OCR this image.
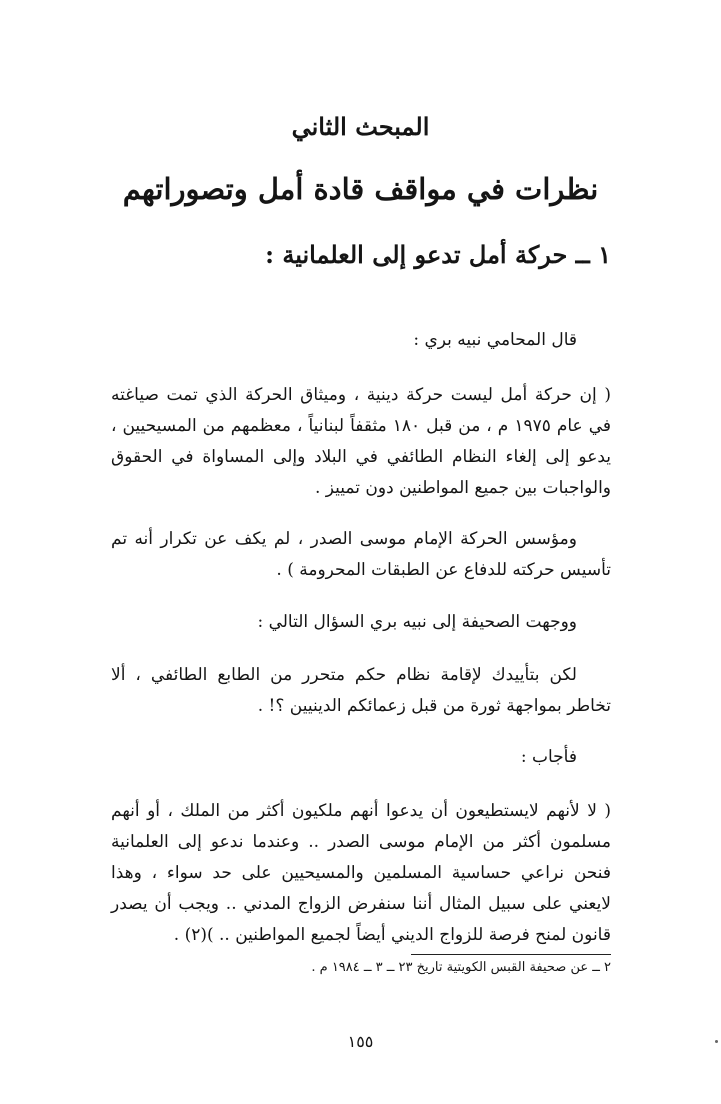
المبحث الثاني
نظرات في مواقف قادة أمل وتصوراتهم
١ ــ حركة أمل تدعو إلى العلمانية :

قال المحامي نبيه بري :

( إن حركة أمل ليست حركة دينية ، وميثاق الحركة الذي تمت صياغته في عام ١٩٧٥ م ، من قبل ١٨٠ مثقفاً لبنانياً ، معظمهم من المسيحيين ، يدعو إلى إلغاء النظام الطائفي في البلاد وإلى المساواة في الحقوق والواجبات بين جميع المواطنين دون تمييز .

ومؤسس الحركة الإمام موسى الصدر ، لم يكف عن تكرار أنه تم تأسيس حركته للدفاع عن الطبقات المحرومة ) .

ووجهت الصحيفة إلى نبيه بري السؤال التالي :

لكن بتأييدك لإقامة نظام حكم متحرر من الطابع الطائفي ، ألا تخاطر بمواجهة ثورة من قبل زعمائكم الدينيين ؟! .

فأجاب :

( لا لأنهم لايستطيعون أن يدعوا أنهم ملكيون أكثر من الملك ، أو أنهم مسلمون أكثر من الإمام موسى الصدر .. وعندما ندعو إلى العلمانية فنحن نراعي حساسية المسلمين والمسيحيين على حد سواء ، وهذا لايعني على سبيل المثال أننا سنفرض الزواج المدني .. ويجب أن يصدر قانون لمنح فرصة للزواج الديني أيضاً لجميع المواطنين .. )(٢) .

٢ ــ عن صحيفة القبس الكويتية تاريخ ٢٣ ــ ٣ ــ ١٩٨٤ م .

١٥٥
